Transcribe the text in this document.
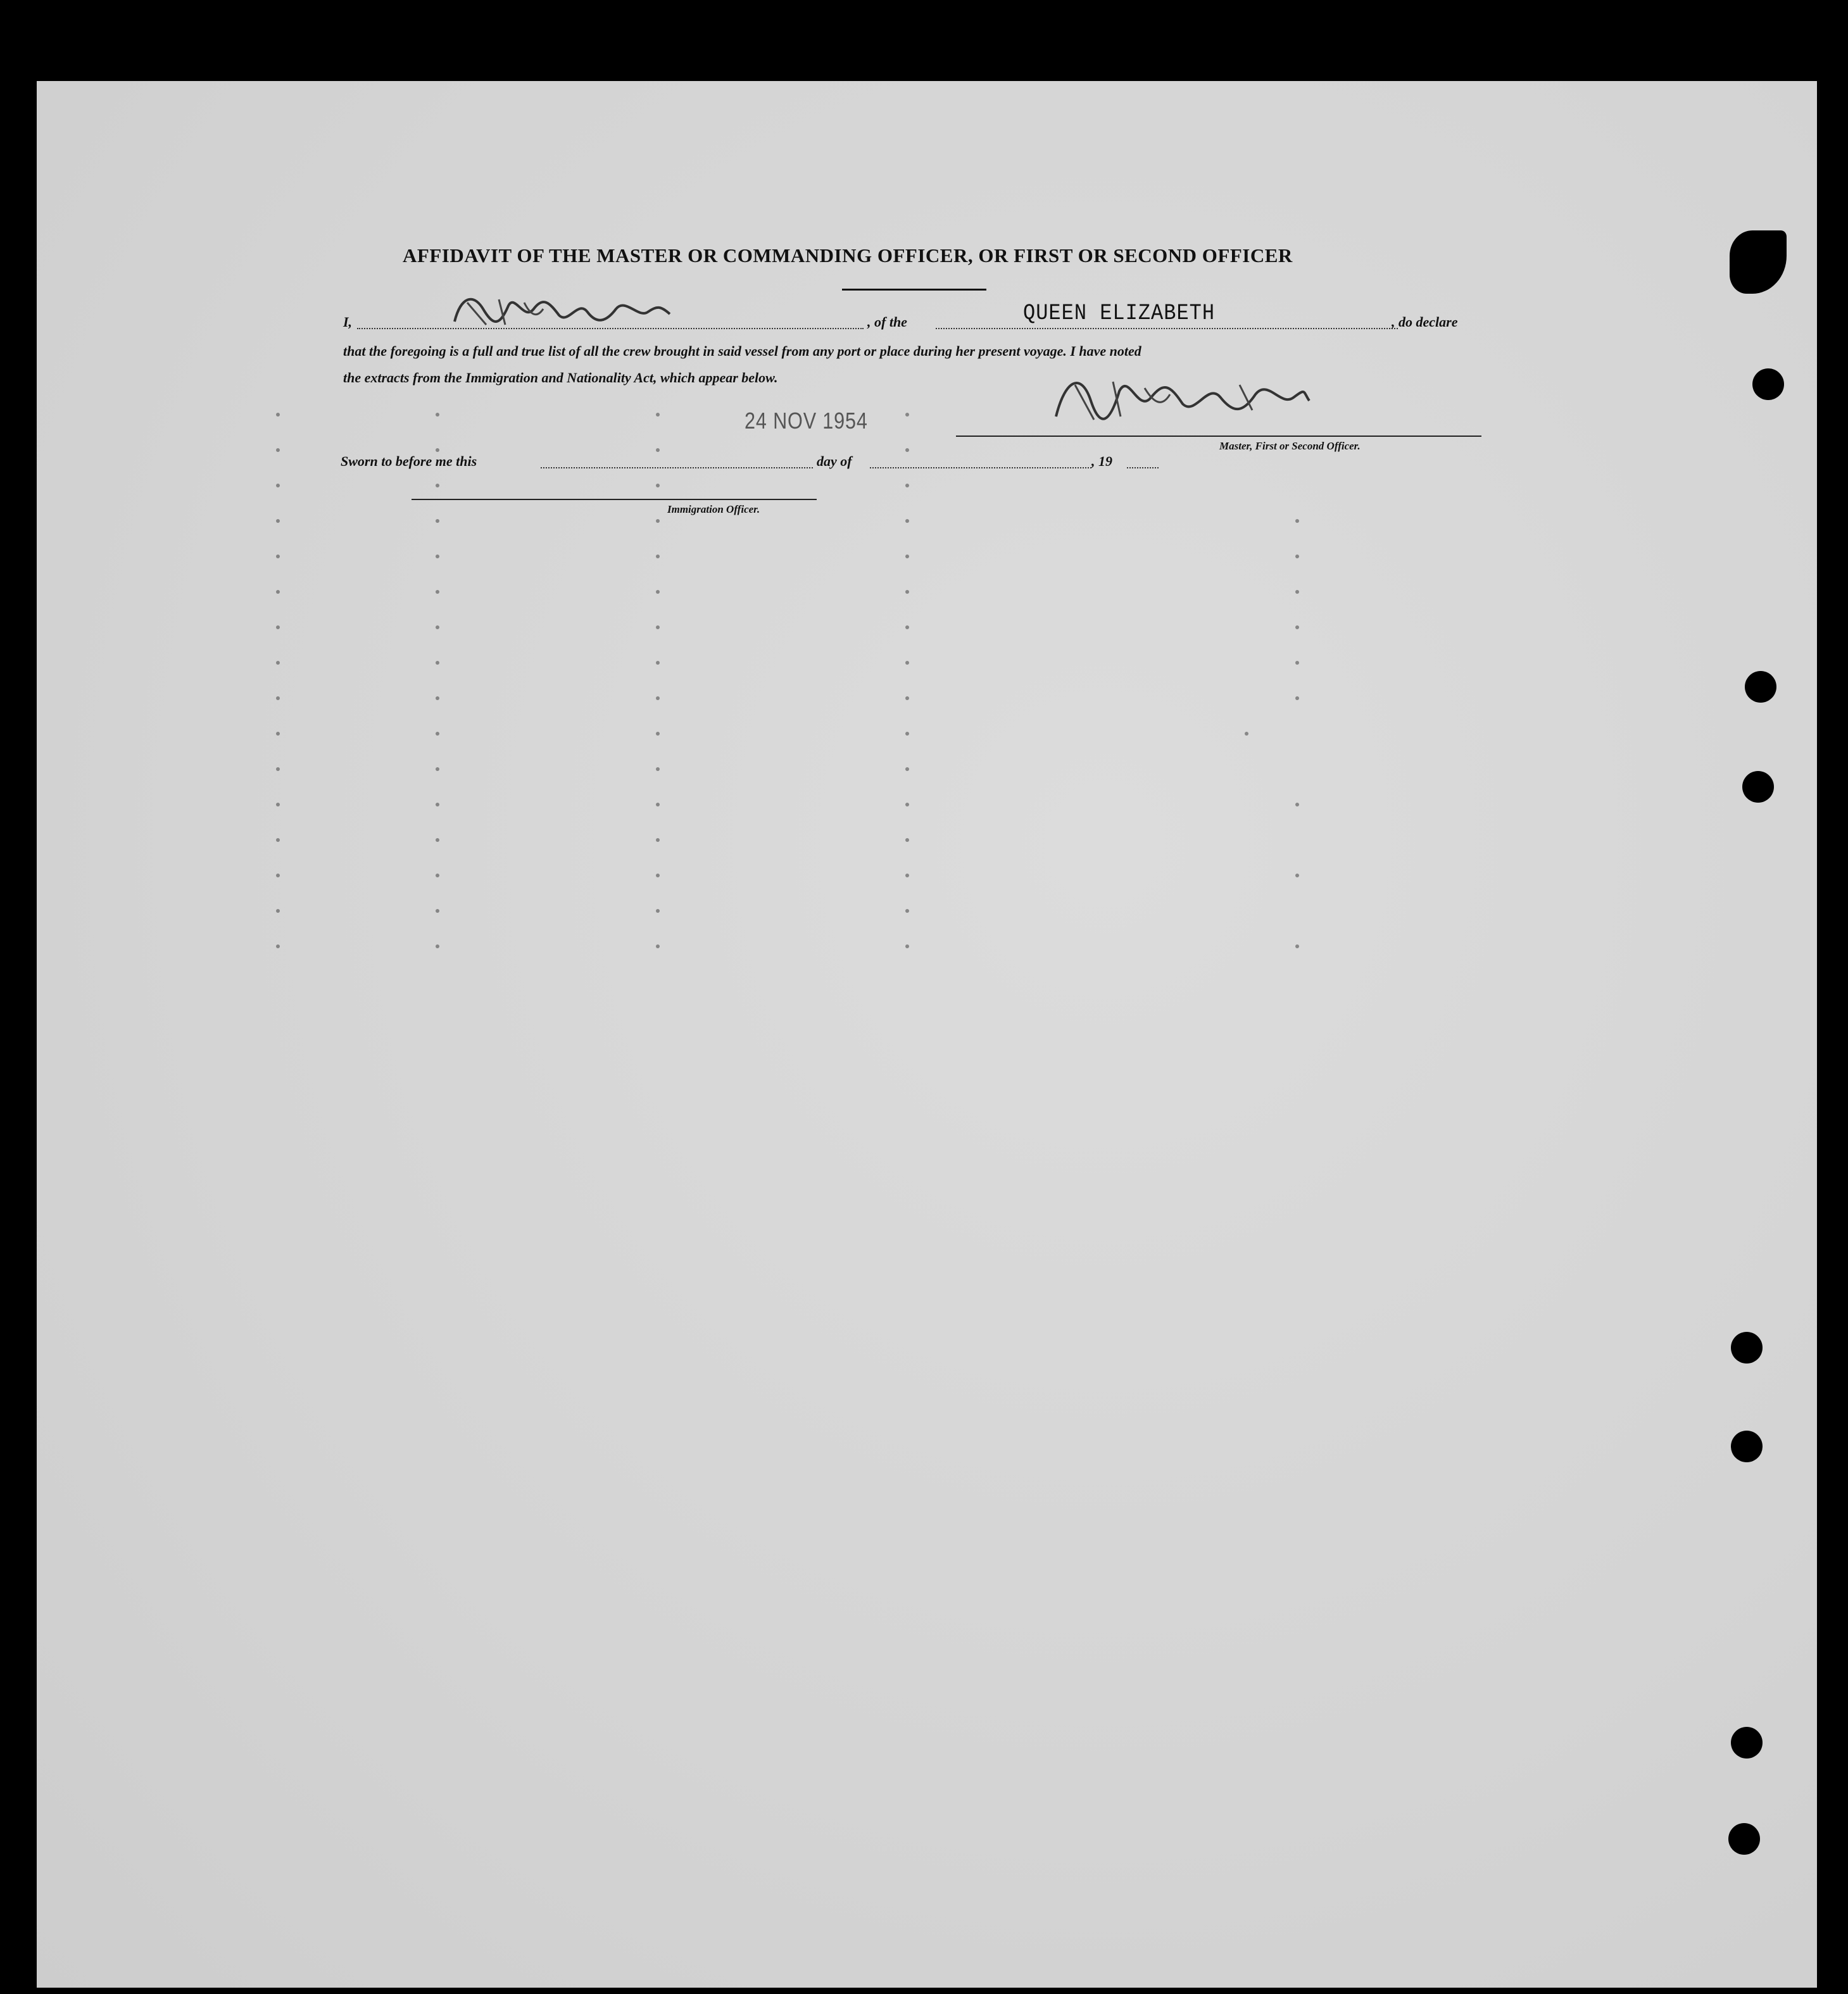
AFFIDAVIT OF THE MASTER OR COMMANDING OFFICER, OR FIRST OR SECOND OFFICER
I,	, of the	QUEEN ELIZABETH	, do declare
that the foregoing is a full and true list of all the crew brought in said vessel from any port or place during her present voyage. I have noted
the extracts from the Immigration and Nationality Act, which appear below.
24 NOV 1954
Master, First or Second Officer.
Sworn to before me this	day of	, 19
Immigration Officer.
